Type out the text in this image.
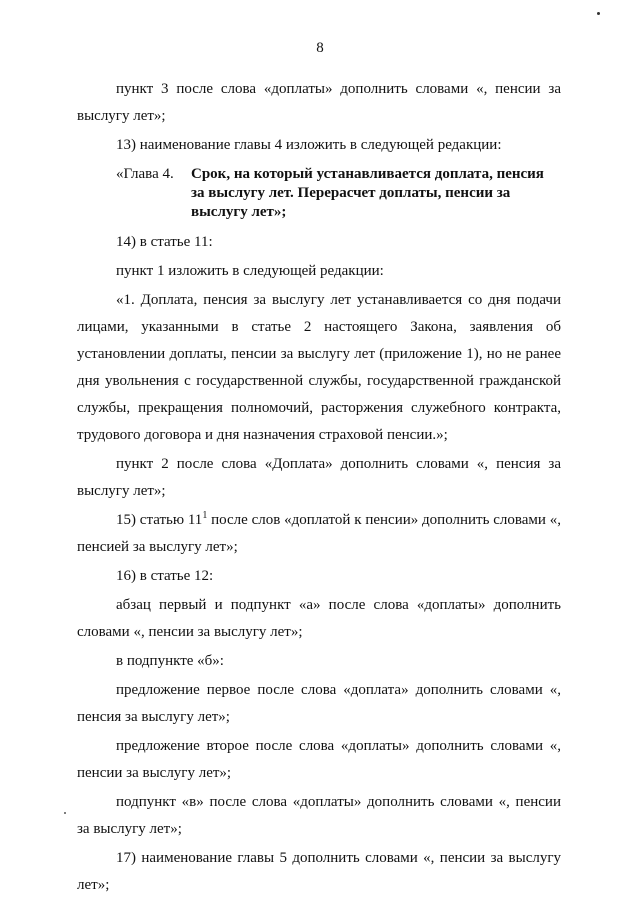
8

пункт 3 после слова «доплаты» дополнить словами «, пенсии за выслугу лет»;

13) наименование главы 4 изложить в следующей редакции:

«Глава 4.	Срок, на который устанавливается доплата, пенсия за выслугу лет. Перерасчет доплаты, пенсии за выслугу лет»;

14) в статье 11:

пункт 1 изложить в следующей редакции:

«1. Доплата, пенсия за выслугу лет устанавливается со дня подачи лицами, указанными в статье 2 настоящего Закона, заявления об установлении доплаты, пенсии за выслугу лет (приложение 1), но не ранее дня увольнения с государственной службы, государственной гражданской службы, прекращения полномочий, расторжения служебного контракта, трудового договора и дня назначения страховой пенсии.»;

пункт 2 после слова «Доплата» дополнить словами «, пенсия за выслугу лет»;

15) статью $11^1$ после слов «доплатой к пенсии» дополнить словами «, пенсией за выслугу лет»;

16) в статье 12:

абзац первый и подпункт «а» после слова «доплаты» дополнить словами «, пенсии за выслугу лет»;

в подпункте «б»:

предложение первое после слова «доплата» дополнить словами «, пенсия за выслугу лет»;

предложение второе после слова «доплаты» дополнить словами «, пенсии за выслугу лет»;

подпункт «в» после слова «доплаты» дополнить словами «, пенсии за выслугу лет»;

17) наименование главы 5 дополнить словами «, пенсии за выслугу лет»;
